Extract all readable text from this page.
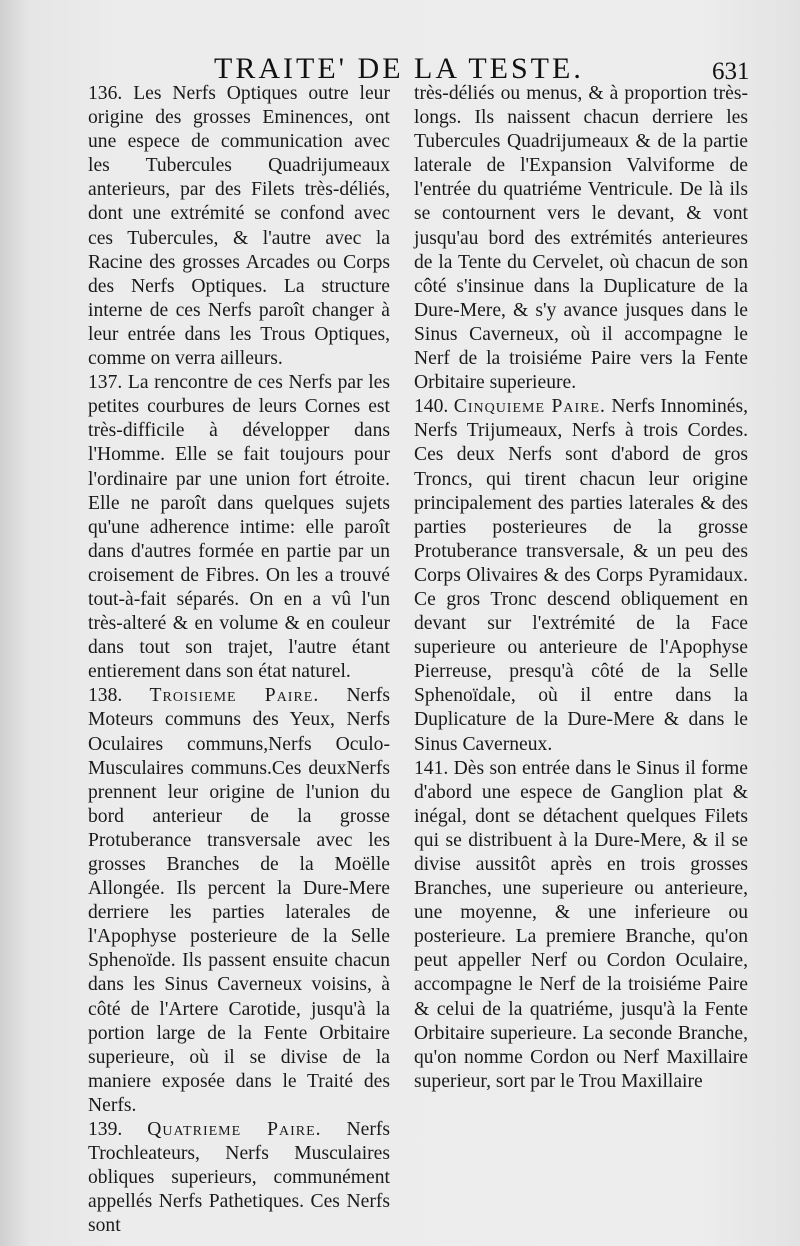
TRAITE' DE LA TESTE.	631

136. Les Nerfs Optiques outre leur origine des grosses Eminences, ont une espece de communication avec les Tubercules Quadrijumeaux anterieurs, par des Filets très-déliés, dont une extrémité se confond avec ces Tubercules, & l'autre avec la Racine des grosses Arcades ou Corps des Nerfs Optiques. La structure interne de ces Nerfs paroît changer à leur entrée dans les Trous Optiques, comme on verra ailleurs.

137. La rencontre de ces Nerfs par les petites courbures de leurs Cornes est très-difficile à développer dans l'Homme. Elle se fait toujours pour l'ordinaire par une union fort étroite. Elle ne paroît dans quelques sujets qu'une adherence intime: elle paroît dans d'autres formée en partie par un croisement de Fibres. On les a trouvé tout-à-fait séparés. On en a vû l'un très-alteré & en volume & en couleur dans tout son trajet, l'autre étant entierement dans son état naturel.

138. Troisieme Paire. Nerfs Moteurs communs des Yeux, Nerfs Oculaires communs,Nerfs Oculo-Musculaires communs.Ces deuxNerfs prennent leur origine de l'union du bord anterieur de la grosse Protuberance transversale avec les grosses Branches de la Moëlle Allongée. Ils percent la Dure-Mere derriere les parties laterales de l'Apophyse posterieure de la Selle Sphenoïde. Ils passent ensuite chacun dans les Sinus Caverneux voisins, à côté de l'Artere Carotide, jusqu'à la portion large de la Fente Orbitaire superieure, où il se divise de la maniere exposée dans le Traité des Nerfs.

139. Quatrieme Paire. Nerfs Trochleateurs, Nerfs Musculaires obliques superieurs, communément appellés Nerfs Pathetiques. Ces Nerfs sont

très-déliés ou menus, & à proportion très-longs. Ils naissent chacun derriere les Tubercules Quadrijumeaux & de la partie laterale de l'Expansion Valviforme de l'entrée du quatriéme Ventricule. De là ils se contournent vers le devant, & vont jusqu'au bord des extrémités anterieures de la Tente du Cervelet, où chacun de son côté s'insinue dans la Duplicature de la Dure-Mere, & s'y avance jusques dans le Sinus Caverneux, où il accompagne le Nerf de la troisiéme Paire vers la Fente Orbitaire superieure.

140. Cinquieme Paire. Nerfs Innominés, Nerfs Trijumeaux, Nerfs à trois Cordes. Ces deux Nerfs sont d'abord de gros Troncs, qui tirent chacun leur origine principalement des parties laterales & des parties posterieures de la grosse Protuberance transversale, & un peu des Corps Olivaires & des Corps Pyramidaux. Ce gros Tronc descend obliquement en devant sur l'extrémité de la Face superieure ou anterieure de l'Apophyse Pierreuse, presqu'à côté de la Selle Sphenoïdale, où il entre dans la Duplicature de la Dure-Mere & dans le Sinus Caverneux.

141. Dès son entrée dans le Sinus il forme d'abord une espece de Ganglion plat & inégal, dont se détachent quelques Filets qui se distribuent à la Dure-Mere, & il se divise aussitôt après en trois grosses Branches, une superieure ou anterieure, une moyenne, & une inferieure ou posterieure. La premiere Branche, qu'on peut appeller Nerf ou Cordon Oculaire, accompagne le Nerf de la troisiéme Paire & celui de la quatriéme, jusqu'à la Fente Orbitaire superieure. La seconde Branche, qu'on nomme Cordon ou Nerf Maxillaire superieur, sort par le Trou Maxillaire
